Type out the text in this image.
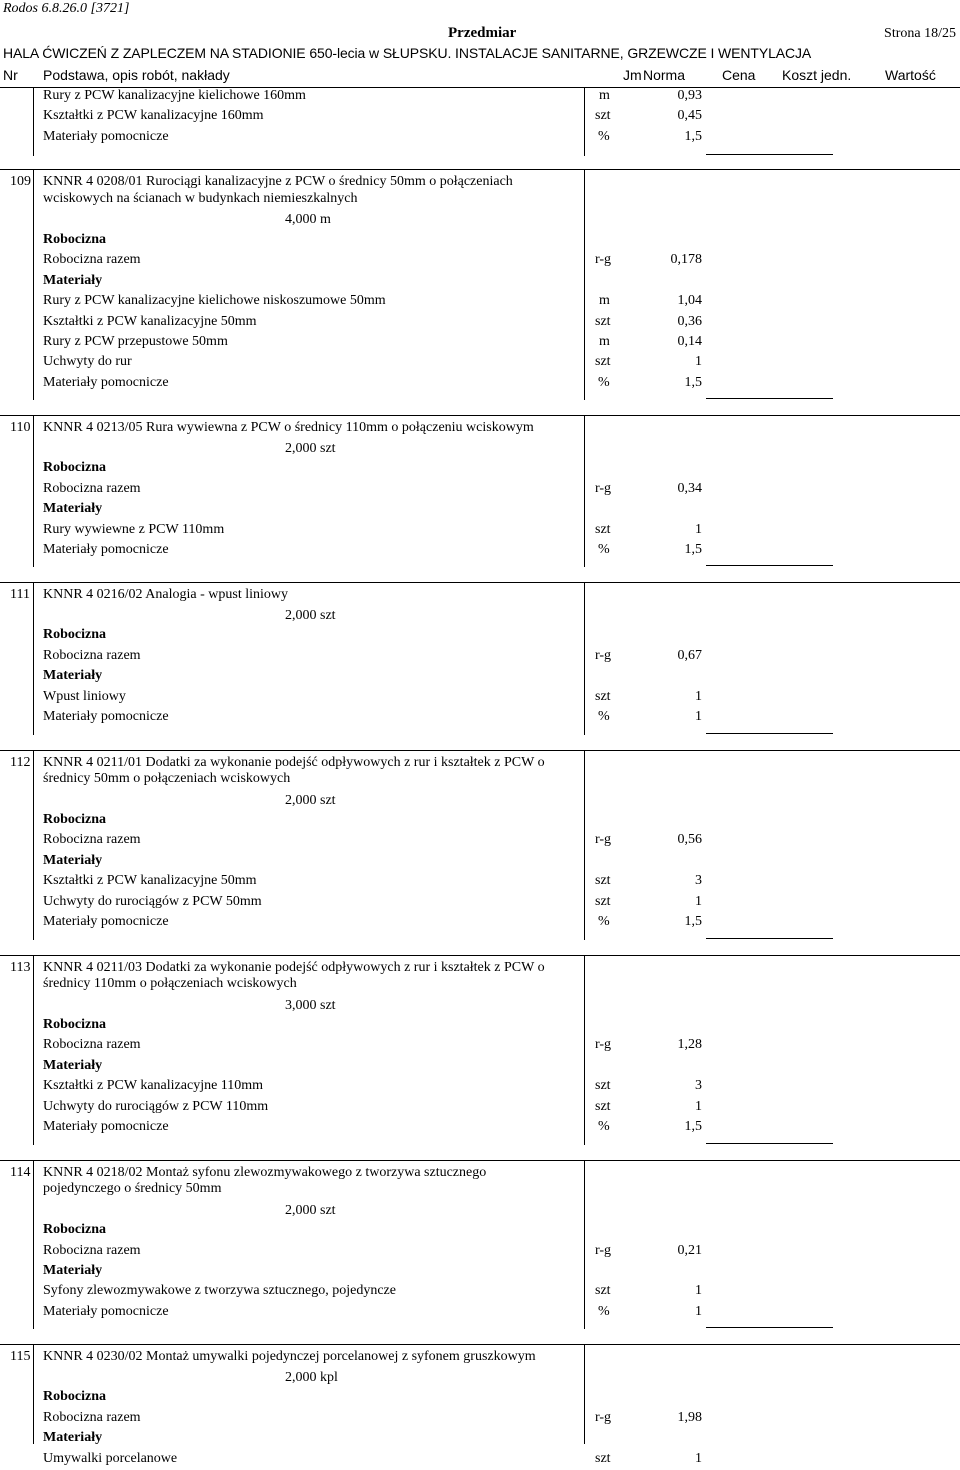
Rodos 6.8.26.0 [3721]
Przedmiar	Strona 18/25
HALA ĆWICZEŃ Z ZAPLECZEM NA STADIONIE 650-lecia w SŁUPSKU. INSTALACJE SANITARNE, GRZEWCZE I WENTYLACJA
Nr Podstawa, opis robót, nakłady	Jm Norma	Cena Koszt jedn. Wartość
Rury z PCW kanalizacyjne kielichowe 160mm	m	0,93
Kształtki z PCW kanalizacyjne 160mm	szt	0,45
Materiały pomocnicze	%	1,5
109 KNNR 4 0208/01 Rurociągi kanalizacyjne z PCW o średnicy 50mm o połączeniach
wciskowych na ścianach w budynkach niemieszkalnych
4,000 m
Robocizna
Robocizna razem	r-g	0,178
Materiały
Rury z PCW kanalizacyjne kielichowe niskoszumowe 50mm	m	1,04
Kształtki z PCW kanalizacyjne 50mm	szt	0,36
Rury z PCW przepustowe 50mm	m	0,14
Uchwyty do rur	szt	1
Materiały pomocnicze	%	1,5
110 KNNR 4 0213/05 Rura wywiewna z PCW o średnicy 110mm o połączeniu wciskowym
2,000 szt
Robocizna
Robocizna razem	r-g	0,34
Materiały
Rury wywiewne z PCW 110mm	szt	1
Materiały pomocnicze	%	1,5
111 KNNR 4 0216/02 Analogia - wpust liniowy
2,000 szt
Robocizna
Robocizna razem	r-g	0,67
Materiały
Wpust liniowy	szt	1
Materiały pomocnicze	%	1
112 KNNR 4 0211/01 Dodatki za wykonanie podejść odpływowych z rur i kształtek z PCW o
średnicy 50mm o połączeniach wciskowych
2,000 szt
Robocizna
Robocizna razem	r-g	0,56
Materiały
Kształtki z PCW kanalizacyjne 50mm	szt	3
Uchwyty do rurociągów z PCW 50mm	szt	1
Materiały pomocnicze	%	1,5
113 KNNR 4 0211/03 Dodatki za wykonanie podejść odpływowych z rur i kształtek z PCW o
średnicy 110mm o połączeniach wciskowych
3,000 szt
Robocizna
Robocizna razem	r-g	1,28
Materiały
Kształtki z PCW kanalizacyjne 110mm	szt	3
Uchwyty do rurociągów z PCW 110mm	szt	1
Materiały pomocnicze	%	1,5
114 KNNR 4 0218/02 Montaż syfonu zlewozmywakowego z tworzywa sztucznego
pojedynczego o średnicy 50mm
2,000 szt
Robocizna
Robocizna razem	r-g	0,21
Materiały
Syfony zlewozmywakowe z tworzywa sztucznego, pojedyncze	szt	1
Materiały pomocnicze	%	1
115 KNNR 4 0230/02 Montaż umywalki pojedynczej porcelanowej z syfonem gruszkowym
2,000 kpl
Robocizna
Robocizna razem	r-g	1,98
Materiały
Umywalki porcelanowe	szt	1
